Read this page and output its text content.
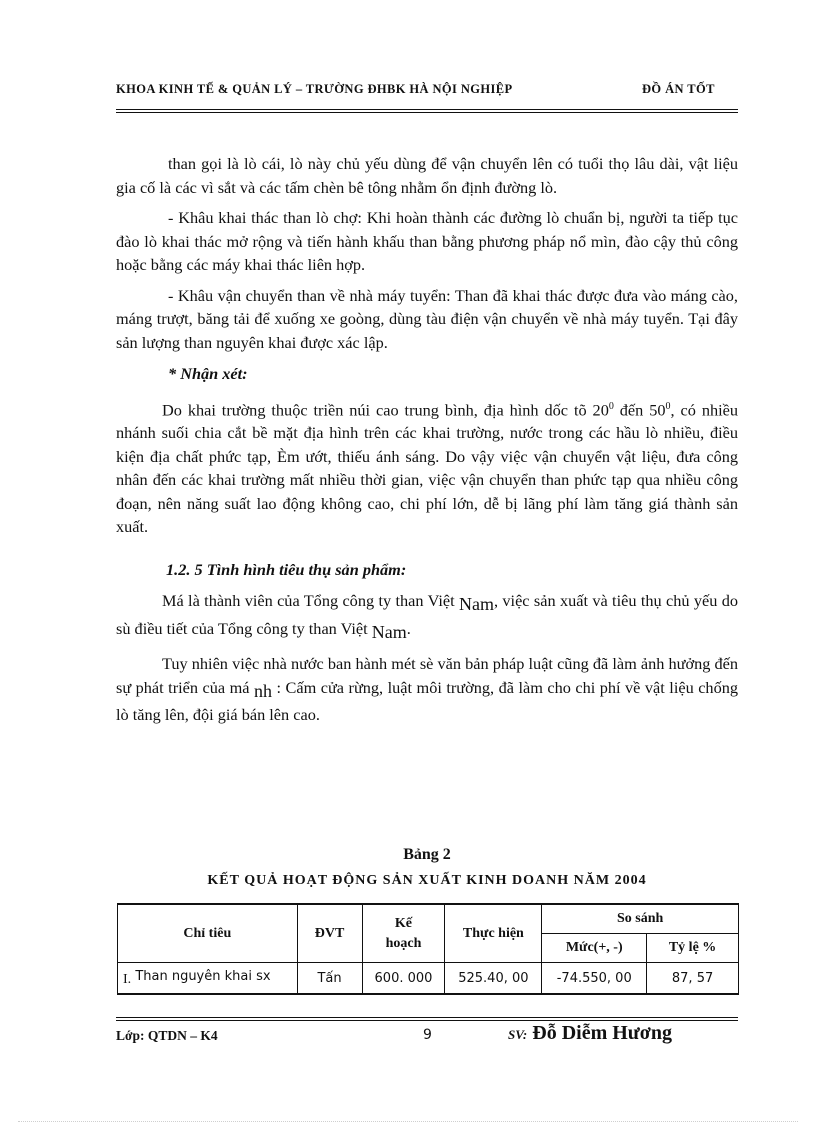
KHOA KINH TẾ & QUẢN LÝ – TRƯỜNG ĐHBK HÀ NỘI NGHIỆP	ĐỒ ÁN TỐT

than gọi là lò cái, lò này chủ yếu dùng để vận chuyển lên có tuổi thọ lâu dài, vật liệu gia cố là các vì sắt và các tấm chèn bê tông nhằm ổn định đường lò.

- Khâu khai thác than lò chợ: Khi hoàn thành các đường lò chuẩn bị, người ta tiếp tục đào lò khai thác mở rộng và tiến hành khấu than bằng phương pháp nổ mìn, đào cậy thủ công hoặc bằng các máy khai thác liên hợp.

- Khâu vận chuyển than về nhà máy tuyển: Than đã khai thác được đưa vào máng cào, máng trượt, băng tải để xuống xe goòng, dùng tàu điện vận chuyển về nhà máy tuyển. Tại đây sản lượng than nguyên khai được xác lập.

* Nhận xét:

Do khai trường thuộc triền núi cao trung bình, địa hình dốc tõ $20^0$ đến $50^0$, có nhiều nhánh suối chia cắt bề mặt địa hình trên các khai trường, nước trong các hầu lò nhiều, điều kiện địa chất phức tạp, Èm ướt, thiếu ánh sáng. Do vậy việc vận chuyển vật liệu, đưa công nhân đến các khai trường mất nhiều thời gian, việc vận chuyển than phức tạp qua nhiều công đoạn, nên năng suất lao động không cao, chi phí lớn, dễ bị lãng phí làm tăng giá thành sản xuất.

1.2. 5 Tình hình tiêu thụ sản phẩm:

Má là thành viên của Tổng công ty than Việt Nam, việc sản xuất và tiêu thụ chủ yếu do sù điều tiết của Tổng công ty than Việt Nam.

Tuy nhiên việc nhà nước ban hành mét sè văn bản pháp luật cũng đã làm ảnh hưởng đến sự phát triển của má nh : Cấm cửa rừng, luật môi trường, đã làm cho chi phí về vật liệu chống lò tăng lên, đội giá bán lên cao.

Bảng 2
KẾT QUẢ HOẠT ĐỘNG SẢN XUẤT KINH DOANH NĂM 2004
Chỉ tiêu	ĐVT	Kế hoạch	Thực hiện	So sánh	
				Mức(+, -)	Tỷ lệ %
I. Than nguyên khai sx	Tấn	600. 000	525.40, 00	-74.550, 00	87, 57
Lớp: QTDN – K4	9	SV: Đỗ Diễm Hương
